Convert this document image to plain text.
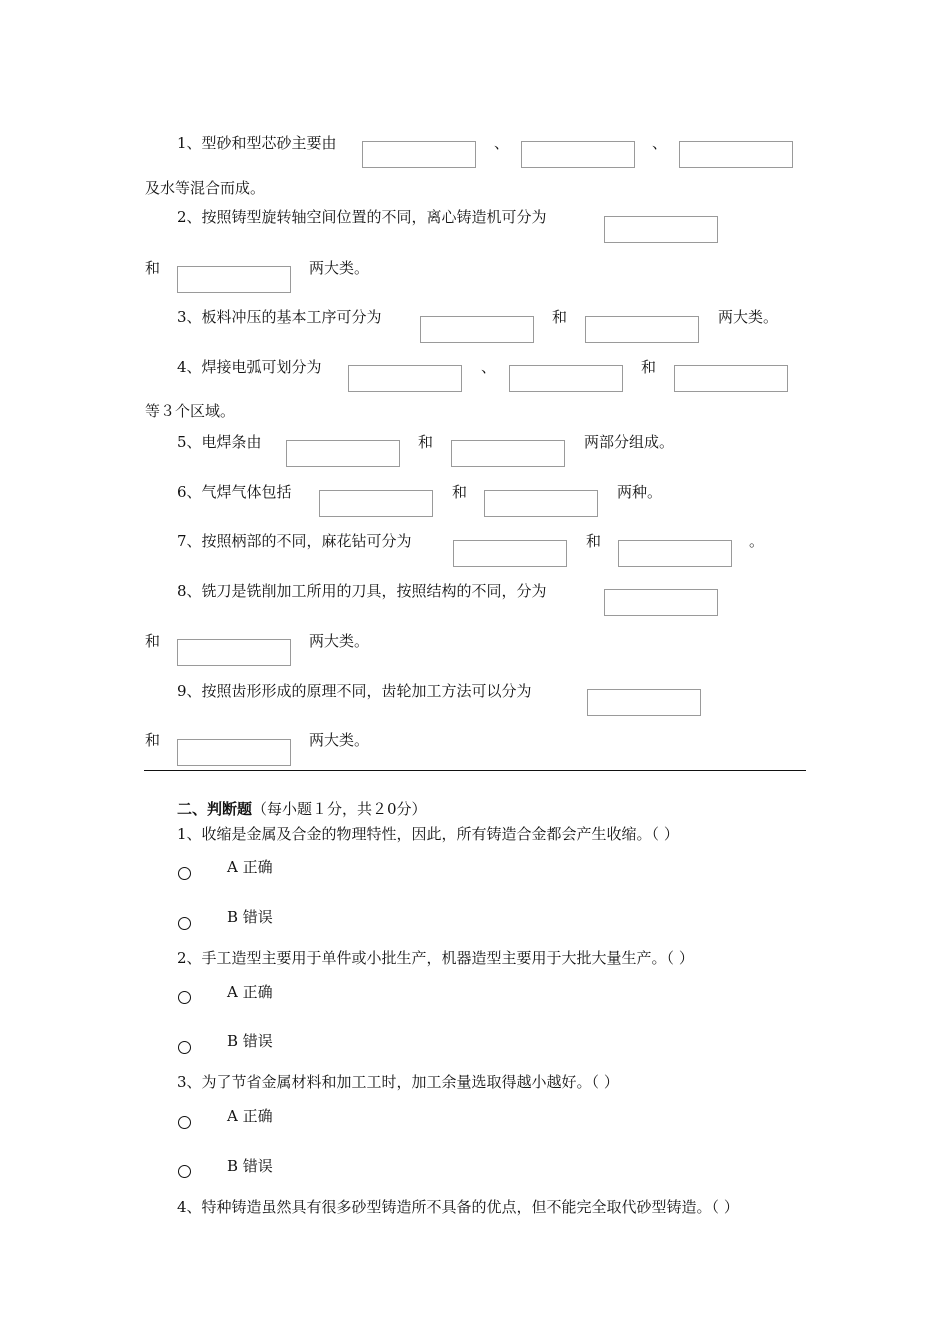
1、型砂和型芯砂主要由	、	、
及水等混合而成。
2、按照铸型旋转轴空间位置的不同，离心铸造机可分为
和	两大类。
3、板料冲压的基本工序可分为	和	两大类。
4、焊接电弧可划分为	、	和
等３个区域。
5、电焊条由	和	两部分组成。
6、气焊气体包括	和	两种。
7、按照柄部的不同，麻花钻可分为	和	。
8、铣刀是铣削加工所用的刀具，按照结构的不同，分为
和	两大类。
9、按照齿形形成的原理不同，齿轮加工方法可以分为
和	两大类。
二、判断题（每小题１分，共２0分）
1、收缩是金属及合金的物理特性，因此，所有铸造合金都会产生收缩。（ ）
A 正确
B 错误
2、手工造型主要用于单件或小批生产，机器造型主要用于大批大量生产。（ ）
A 正确
B 错误
3、为了节省金属材料和加工工时，加工余量选取得越小越好。（ ）
A 正确
B 错误
4、特种铸造虽然具有很多砂型铸造所不具备的优点，但不能完全取代砂型铸造。（ ）
